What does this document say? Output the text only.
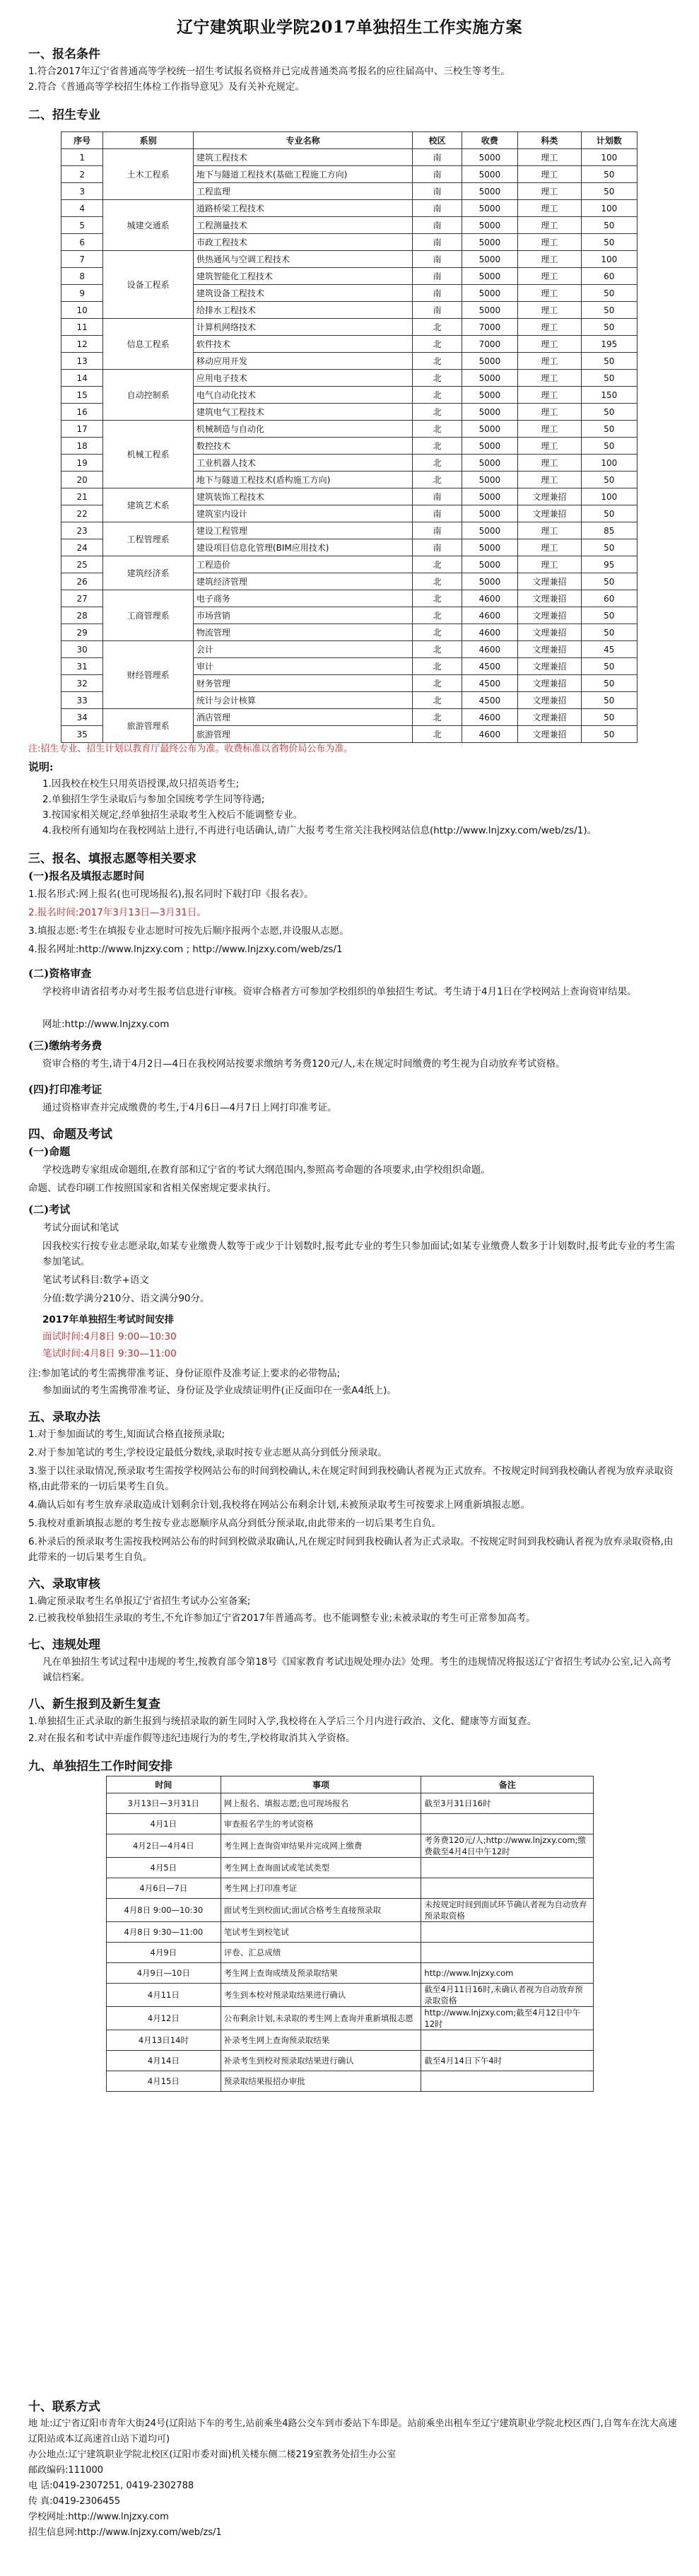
辽宁建筑职业学院2017单独招生工作实施方案
一、报名条件
1.符合2017年辽宁省普通高等学校统一招生考试报名资格并已完成普通类高考报名的应往届高中、三校生等考生。
2.符合《普通高等学校招生体检工作指导意见》及有关补充规定。
二、招生专业
序号	系别	专业名称	校区	收费	科类	计划数
1	土木工程系	建筑工程技术	南	5000	理工	100
2		地下与隧道工程技术(基础工程施工方向)	南	5000	理工	50
3		工程监理	南	5000	理工	50
4	城建交通系	道路桥梁工程技术	南	5000	理工	100
5		工程测量技术	南	5000	理工	50
6		市政工程技术	南	5000	理工	50
7	设备工程系	供热通风与空调工程技术	南	5000	理工	100
8		建筑智能化工程技术	南	5000	理工	60
9		建筑设备工程技术	南	5000	理工	50
10		给排水工程技术	南	5000	理工	50
11	信息工程系	计算机网络技术	北	7000	理工	50
12		软件技术	北	7000	理工	195
13		移动应用开发	北	5000	理工	50
14	自动控制系	应用电子技术	北	5000	理工	50
15		电气自动化技术	北	5000	理工	150
16		建筑电气工程技术	北	5000	理工	50
17	机械工程系	机械制造与自动化	北	5000	理工	50
18		数控技术	北	5000	理工	50
19		工业机器人技术	北	5000	理工	100
20		地下与隧道工程技术(盾构施工方向)	北	5000	理工	50
21	建筑艺术系	建筑装饰工程技术	南	5000	文理兼招	100
22		建筑室内设计	南	5000	文理兼招	50
23	工程管理系	建设工程管理	南	5000	理工	85
24		建设项目信息化管理(BIM应用技术)	南	5000	理工	50
25	建筑经济系	工程造价	北	5000	理工	95
26		建筑经济管理	北	5000	文理兼招	50
27	工商管理系	电子商务	北	4600	文理兼招	60
28		市场营销	北	4600	文理兼招	50
29		物流管理	北	4600	文理兼招	50
30	财经管理系	会计	北	4600	文理兼招	45
31		审计	北	4500	文理兼招	50
32		财务管理	北	4500	文理兼招	50
33		统计与会计核算	北	4500	文理兼招	50
34	旅游管理系	酒店管理	北	4600	文理兼招	50
35		旅游管理	北	4600	文理兼招	50
注:招生专业、招生计划以教育厅最终公布为准。收费标准以省物价局公布为准。
说明:
1.因我校在校生只用英语授课,故只招英语考生;
2.单独招生学生录取后与参加全国统考学生同等待遇;
3.按国家相关规定,经单独招生录取考生入校后不能调整专业。
4.我校所有通知均在我校网站上进行,不再进行电话确认,请广大报考考生常关注我校网站信息(http://www.lnjzxy.com/web/zs/1)。
三、报名、填报志愿等相关要求
(一)报名及填报志愿时间
1.报名形式:网上报名(也可现场报名),报名同时下载打印《报名表》。
2.报名时间:2017年3月13日—3月31日。
3.填报志愿:考生在填报专业志愿时可按先后顺序报两个志愿,并设服从志愿。
4.报名网址:http://www.lnjzxy.com ; http://www.lnjzxy.com/web/zs/1
(二)资格审查
学校将申请省招考办对考生报考信息进行审核。资审合格者方可参加学校组织的单独招生考试。考生请于4月1日在学校网站上查询资审结果。
网址:http://www.lnjzxy.com
(三)缴纳考务费
资审合格的考生,请于4月2日—4日在我校网站按要求缴纳考务费120元/人,未在规定时间缴费的考生视为自动放弃考试资格。
(四)打印准考证
通过资格审查并完成缴费的考生,于4月6日—4月7日上网打印准考证。
四、命题及考试
(一)命题
学校选聘专家组成命题组,在教育部和辽宁省的考试大纲范围内,参照高考命题的各项要求,由学校组织命题。
命题、试卷印刷工作按照国家和省相关保密规定要求执行。
(二)考试
考试分面试和笔试
因我校实行按专业志愿录取,如某专业缴费人数等于或少于计划数时,报考此专业的考生只参加面试;如某专业缴费人数多于计划数时,报考此专业的考生需参加笔试。
笔试考试科目:数学+语文
分值:数学满分210分、语文满分90分。
2017年单独招生考试时间安排
面试时间:4月8日 9:00—10:30
笔试时间:4月8日 9:30—11:00
注:参加笔试的考生需携带准考证、身份证原件及准考证上要求的必带物品;
参加面试的考生需携带准考证、身份证及学业成绩证明件(正反面印在一张A4纸上)。
五、录取办法
1.对于参加面试的考生,知面试合格直接预录取;
2.对于参加笔试的考生,学校设定最低分数线,录取时按专业志愿从高分到低分预录取。
3.鉴于以往录取情况,预录取考生需按学校网站公布的时间到校确认,未在规定时间到我校确认者视为正式放弃。不按规定时间到我校确认者视为放弃录取资格,由此带来的一切后果考生自负。
4.确认后如有考生放弃录取造成计划剩余计划,我校将在网站公布剩余计划,未被预录取考生可按要求上网重新填报志愿。
5.我校对重新填报志愿的考生按专业志愿顺序从高分到低分预录取,由此带来的一切后果考生自负。
6.补录后的预录取考生需按我校网站公布的时间到校做录取确认,凡在规定时间到我校确认者为正式录取。不按规定时间到我校确认者视为放弃录取资格,由此带来的一切后果考生自负。
六、录取审核
1.确定预录取考生名单报辽宁省招生考试办公室备案;
2.已被我校单独招生录取的考生,不允许参加辽宁省2017年普通高考。也不能调整专业;未被录取的考生可正常参加高考。
七、违规处理
凡在单独招生考试过程中违规的考生,按教育部令第18号《国家教育考试违规处理办法》处理。考生的违规情况将报送辽宁省招生考试办公室,记入高考诚信档案。
八、新生报到及新生复查
1.单独招生正式录取的新生报到与统招录取的新生同时入学,我校将在入学后三个月内进行政治、文化、健康等方面复查。
2.对在报名和考试中弄虚作假等违纪违规行为的考生,学校将取消其入学资格。
九、单独招生工作时间安排
时间	事项	备注
3月13日—3月31日	网上报名、填报志愿;也可现场报名	截至3月31日16时
4月1日	审查报名学生的考试资格	
4月2日—4月4日	考生网上查询资审结果并完成网上缴费	考务费120元/人;http://www.lnjzxy.com;缴费截至4月4日中午12时
4月5日	考生网上查询面试或笔试类型	
4月6日—7日	考生网上打印准考证	
4月8日 9:00—10:30	面试考生到校面试;面试合格考生直接预录取	未按规定时间到面试环节确认者视为自动放弃预录取资格
4月8日 9:30—11:00	笔试考生到校笔试	
4月9日	评卷、汇总成绩	
4月9日—10日	考生网上查询成绩及预录取结果	http://www.lnjzxy.com
4月11日	考生到本校对预录取结果进行确认	截至4月11日16时,未确认者视为自动放弃预录取资格
4月12日	公布剩余计划,未录取的考生网上查询并重新填报志愿	http://www.lnjzxy.com;截至4月12日中午12时
4月13日14时	补录考生网上查询预录取结果	
4月14日	补录考生到校对预录取结果进行确认	截至4月14日下午4时
4月15日	预录取结果报招办审批	
十、联系方式
地 址:辽宁省辽阳市青年大街24号(辽阳站下车的考生,站前乘坐4路公交车到市委站下车即是。站前乘坐出租车至辽宁建筑职业学院北校区西门,自驾车在沈大高速辽阳站或本辽高速首山站下道均可)
办公地点:辽宁建筑职业学院北校区(辽阳市委对面)机关楼东侧二楼219室教务处招生办公室
邮政编码:111000
电 话:0419-2307251, 0419-2302788
传 真:0419-2306455
学校网址:http://www.lnjzxy.com
招生信息网:http://www.lnjzxy.com/web/zs/1
